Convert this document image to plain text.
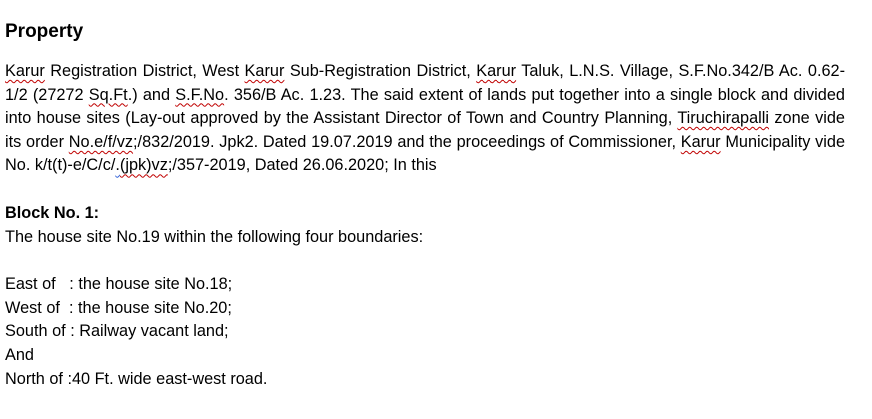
Property

Karur Registration District, West Karur Sub-Registration District, Karur Taluk, L.N.S. Village, S.F.No.342/B Ac. 0.62-1/2 (27272 Sq.Ft.) and S.F.No. 356/B Ac. 1.23. The said extent of lands put together into a single block and divided into house sites (Lay-out approved by the Assistant Director of Town and Country Planning, Tiruchirapalli zone vide its order No.e/f/vz;/832/2019. Jpk2. Dated 19.07.2019 and the proceedings of Commissioner, Karur Municipality vide No. k/t(t)-e/C/c/.(jpk)vz;/357-2019, Dated 26.06.2020; In this

Block No. 1:
The house site No.19 within the following four boundaries:
East of   : the house site No.18;
West of  : the house site No.20;
South of : Railway vacant land;
And
North of :40 Ft. wide east-west road.
